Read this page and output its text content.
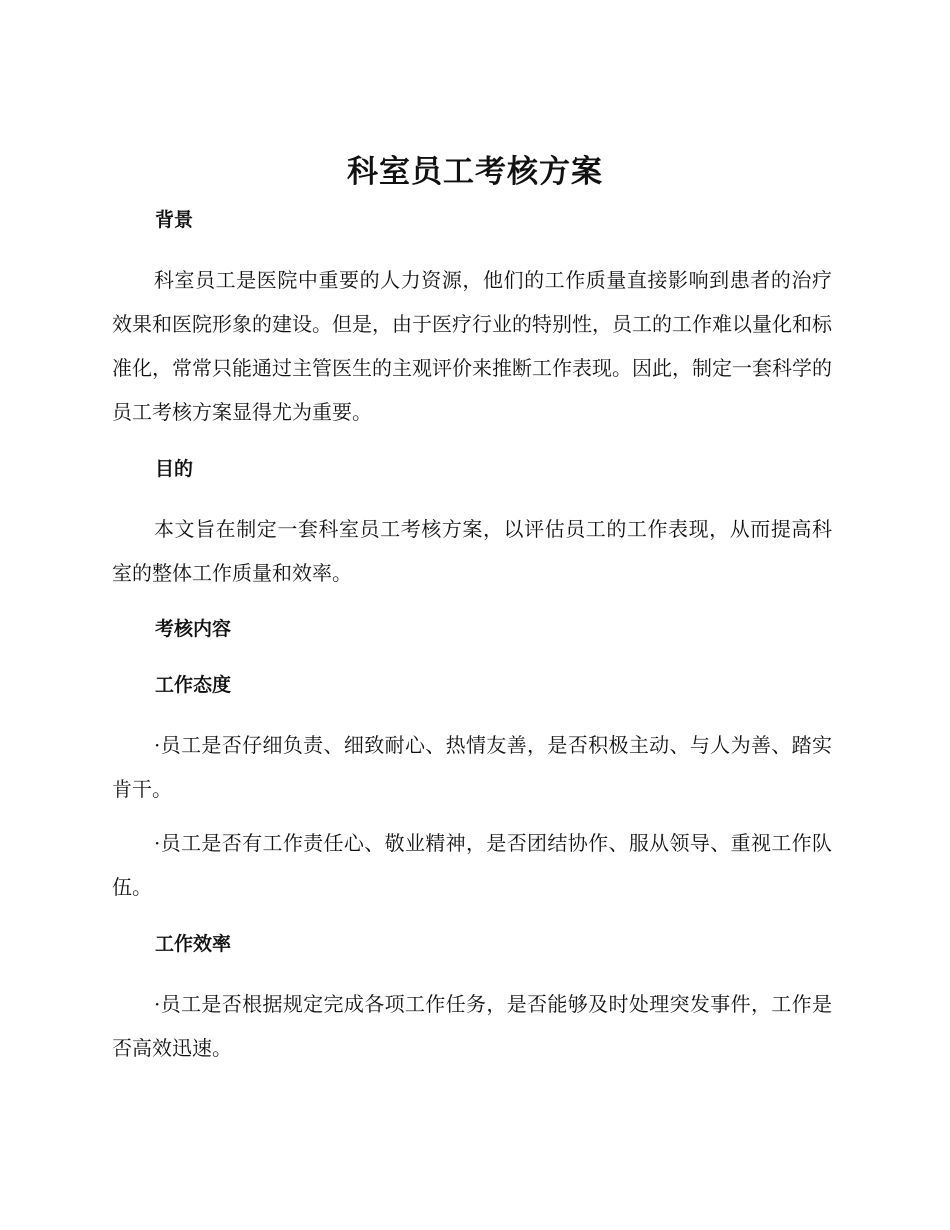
科室员工考核方案
背景

科室员工是医院中重要的人力资源，他们的工作质量直接影响到患者的治疗效果和医院形象的建设。但是，由于医疗行业的特别性，员工的工作难以量化和标准化，常常只能通过主管医生的主观评价来推断工作表现。因此，制定一套科学的员工考核方案显得尤为重要。

目的

本文旨在制定一套科室员工考核方案，以评估员工的工作表现，从而提高科室的整体工作质量和效率。

考核内容
工作态度

·员工是否仔细负责、细致耐心、热情友善，是否积极主动、与人为善、踏实肯干。

·员工是否有工作责任心、敬业精神，是否团结协作、服从领导、重视工作队伍。

工作效率

·员工是否根据规定完成各项工作任务，是否能够及时处理突发事件，工作是否高效迅速。
